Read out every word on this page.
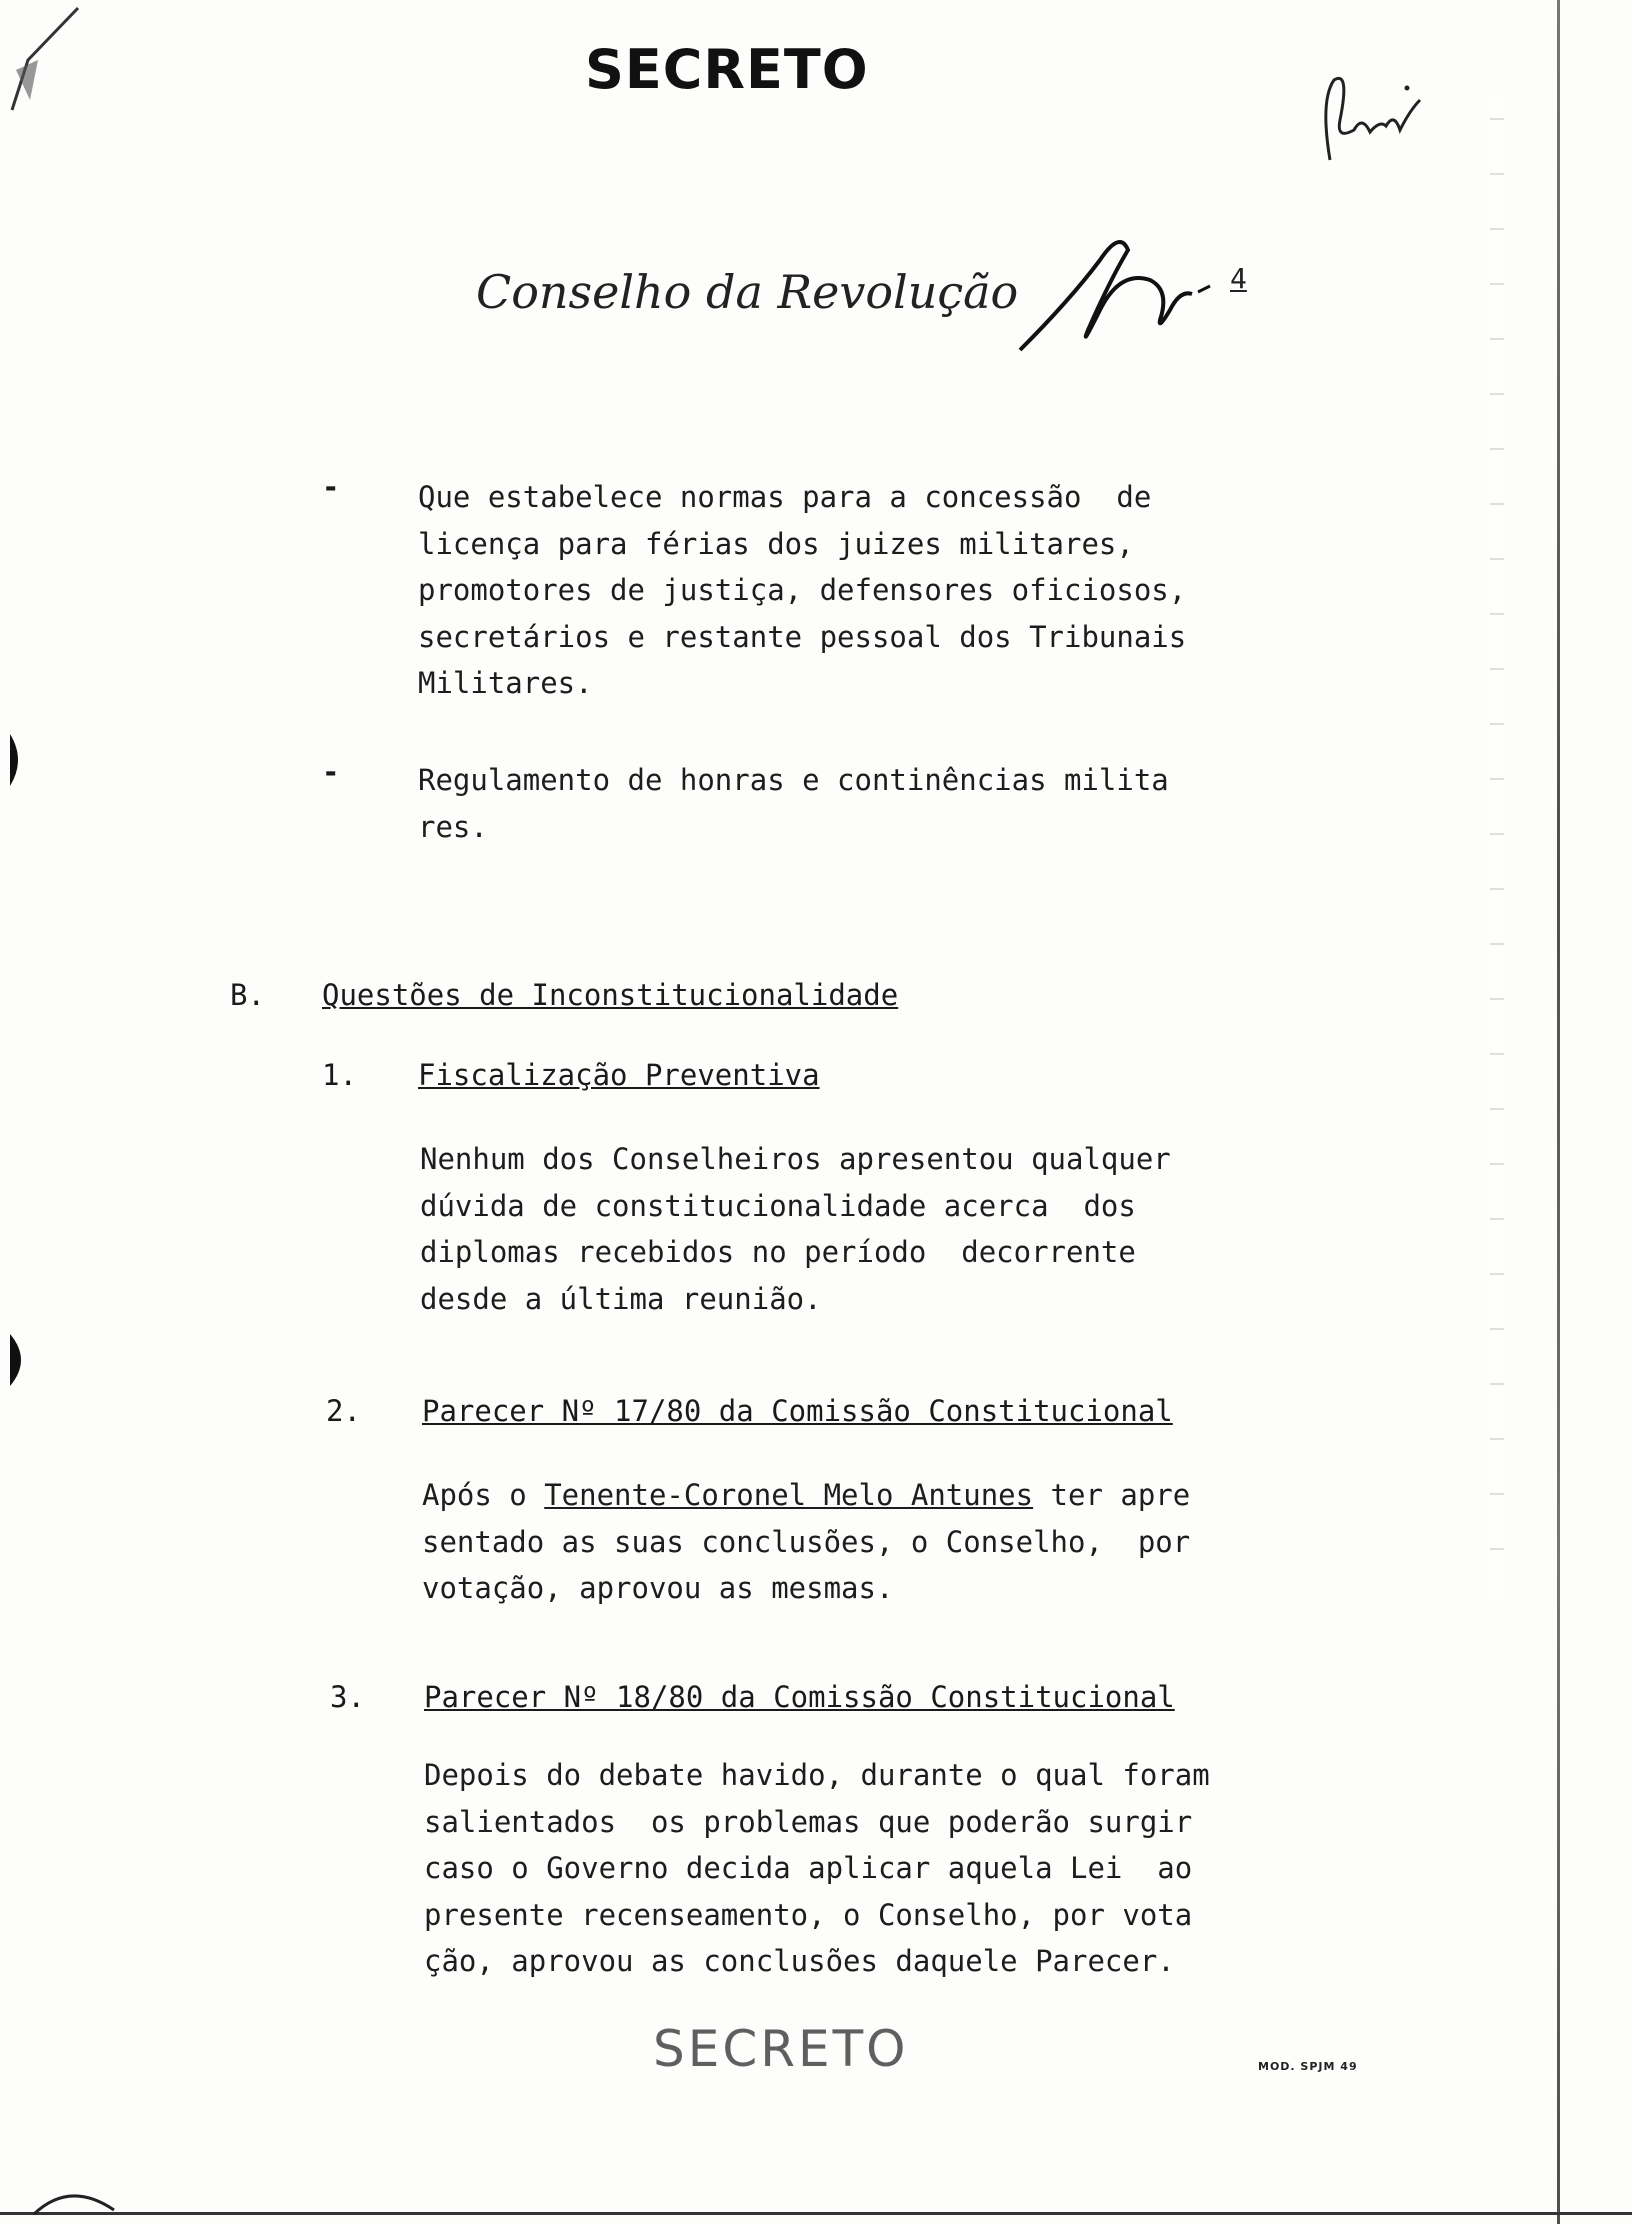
SECRETO
Conselho da Revolução	4
-	Que estabelece normas para a concessão  de
licença para férias dos juizes militares,
promotores de justiça, defensores oficiosos,
secretários e restante pessoal dos Tribunais
Militares.
-	Regulamento de honras e continências milita
res.
B. Questões de Inconstitucionalidade
1. Fiscalização Preventiva
Nenhum dos Conselheiros apresentou qualquer
dúvida de constitucionalidade acerca  dos
diplomas recebidos no período  decorrente
desde a última reunião.
2. Parecer Nº 17/80 da Comissão Constitucional
Após o Tenente-Coronel Melo Antunes ter apre
sentado as suas conclusões, o Conselho,  por
votação, aprovou as mesmas.
3. Parecer Nº 18/80 da Comissão Constitucional
Depois do debate havido, durante o qual foram
salientados  os problemas que poderão surgir
caso o Governo decida aplicar aquela Lei  ao
presente recenseamento, o Conselho, por vota
ção, aprovou as conclusões daquele Parecer.
SECRETO	MOD. SPJM 49
